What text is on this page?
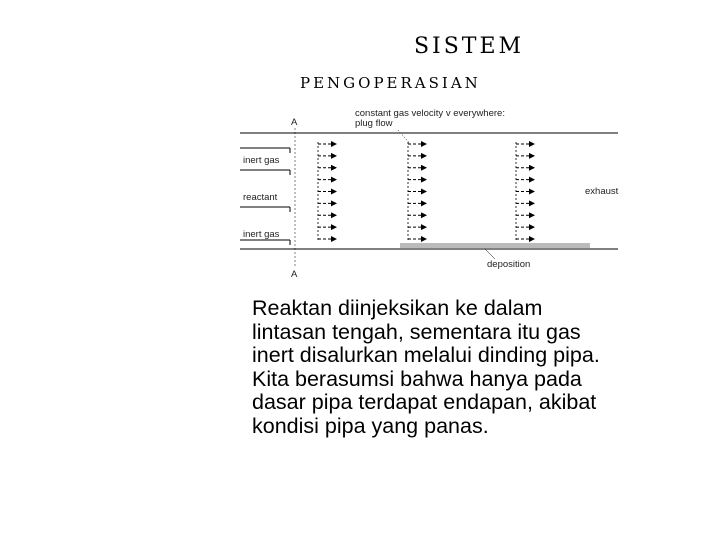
SISTEM
PENGOPERASIAN
A
A
constant gas velocity v everywhere:
plug flow
inert gas
reactant
inert gas
exhaust
deposition
Reaktan diinjeksikan ke dalam
lintasan tengah, sementara itu gas
inert disalurkan melalui dinding pipa.
Kita berasumsi bahwa hanya pada
dasar pipa terdapat endapan, akibat
kondisi pipa yang panas.
